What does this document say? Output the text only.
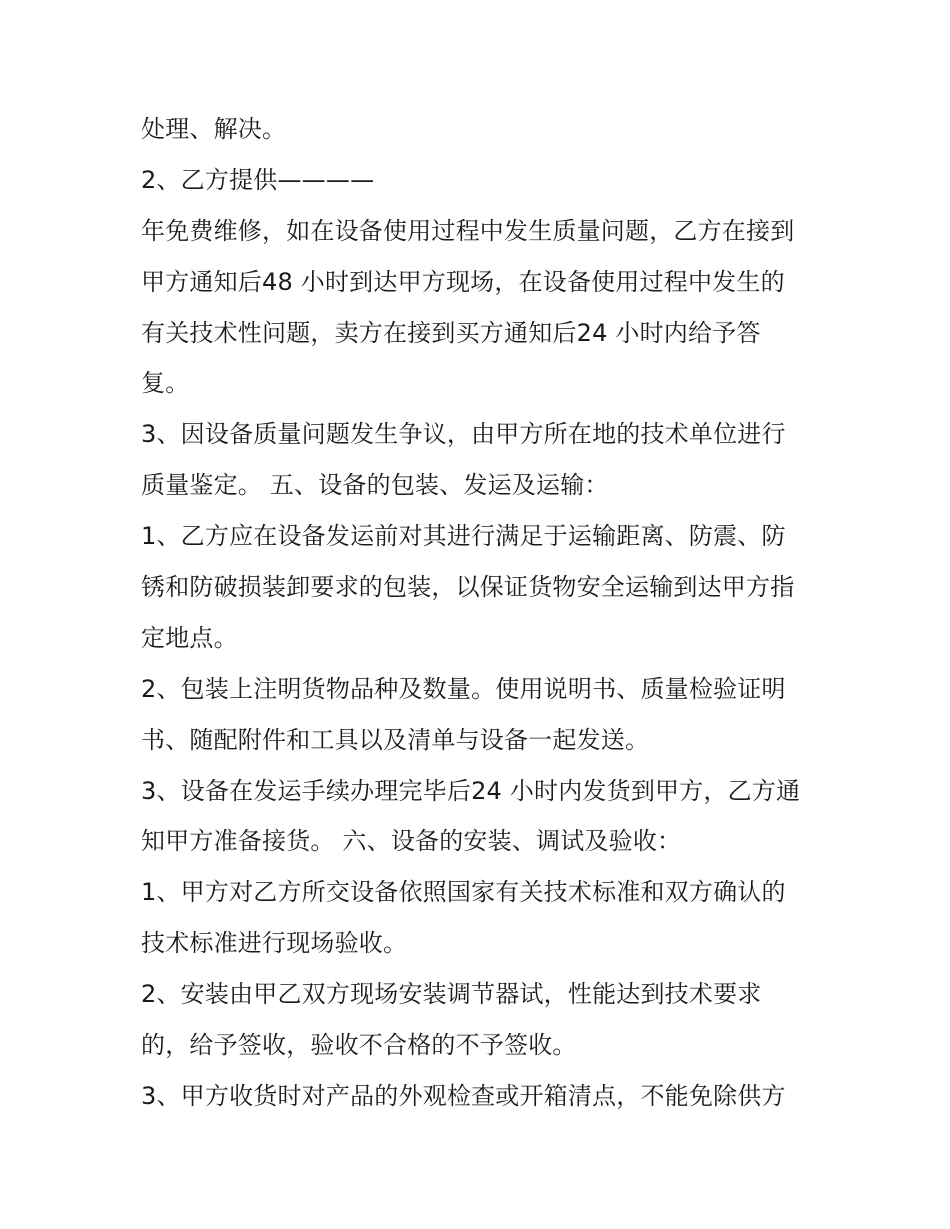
处理、解决。
2、乙方提供————
年免费维修，如在设备使用过程中发生质量问题，乙方在接到
甲方通知后48 小时到达甲方现场，在设备使用过程中发生的
有关技术性问题，卖方在接到买方通知后24 小时内给予答
复。
3、因设备质量问题发生争议，由甲方所在地的技术单位进行
质量鉴定。 五、设备的包装、发运及运输：
1、乙方应在设备发运前对其进行满足于运输距离、防震、防
锈和防破损装卸要求的包装，以保证货物安全运输到达甲方指
定地点。
2、包装上注明货物品种及数量。使用说明书、质量检验证明
书、随配附件和工具以及清单与设备一起发送。
3、设备在发运手续办理完毕后24 小时内发货到甲方，乙方通
知甲方准备接货。 六、设备的安装、调试及验收：
1、甲方对乙方所交设备依照国家有关技术标准和双方确认的
技术标准进行现场验收。
2、安装由甲乙双方现场安装调节器试，性能达到技术要求
的，给予签收，验收不合格的不予签收。
3、甲方收货时对产品的外观检查或开箱清点，不能免除供方
